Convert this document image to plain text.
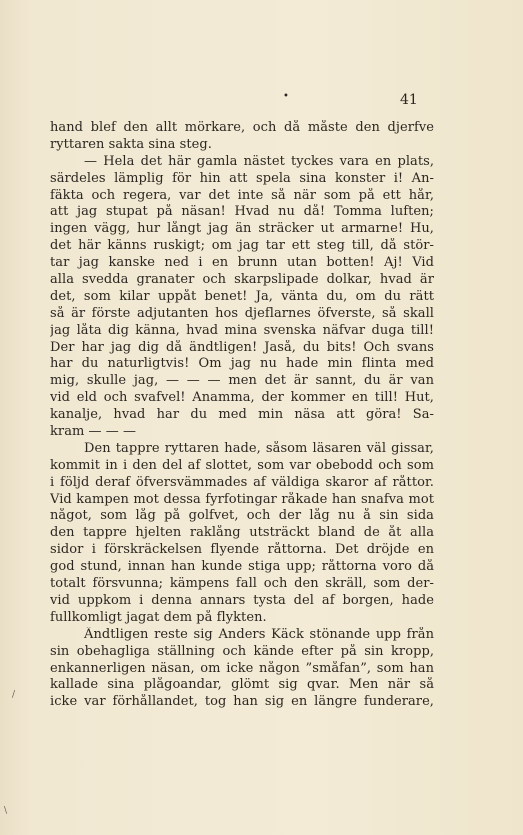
•	41
hand blef den allt mörkare, och då måste den djerfve
ryttaren sakta sina steg.
— Hela det här gamla nästet tyckes vara en plats,
särdeles lämplig för hin att spela sina konster i! An-
fäkta och regera, var det inte så när som på ett hår,
att jag stupat på näsan! Hvad nu då! Tomma luften;
ingen vägg, hur långt jag än sträcker ut armarne! Hu,
det här känns ruskigt; om jag tar ett steg till, då stör-
tar jag kanske ned i en brunn utan botten! Aj! Vid
alla svedda granater och skarpslipade dolkar, hvad är
det, som kilar uppåt benet! Ja, vänta du, om du rätt
så är förste adjutanten hos djeflarnes öfverste, så skall
jag låta dig känna, hvad mina svenska näfvar duga till!
Der har jag dig då ändtligen! Jaså, du bits! Och svans
har du naturligtvis! Om jag nu hade min flinta med
mig, skulle jag, — — — men det är sannt, du är van
vid eld och svafvel! Anamma, der kommer en till! Hut,
kanalje, hvad har du med min näsa att göra! Sa-
kram — — —
Den tappre ryttaren hade, såsom läsaren väl gissar,
kommit in i den del af slottet, som var obebodd och som
i följd deraf öfversvämmades af väldiga skaror af råttor.
Vid kampen mot dessa fyrfotingar råkade han snafva mot
något, som låg på golfvet, och der låg nu å sin sida
den tappre hjelten raklång utsträckt bland de åt alla
sidor i förskräckelsen flyende råttorna. Det dröjde en
god stund, innan han kunde stiga upp; råttorna voro då
totalt försvunna; kämpens fall och den skräll, som der-
vid uppkom i denna annars tysta del af borgen, hade
fullkomligt jagat dem på flykten.
Ändtligen reste sig Anders Käck stönande upp från
sin obehagliga ställning och kände efter på sin kropp,
enkannerligen näsan, om icke någon ”småfan”, som han
kallade sina plågoandar, glömt sig qvar. Men när så
icke var förhållandet, tog han sig en längre funderare,
/
\
